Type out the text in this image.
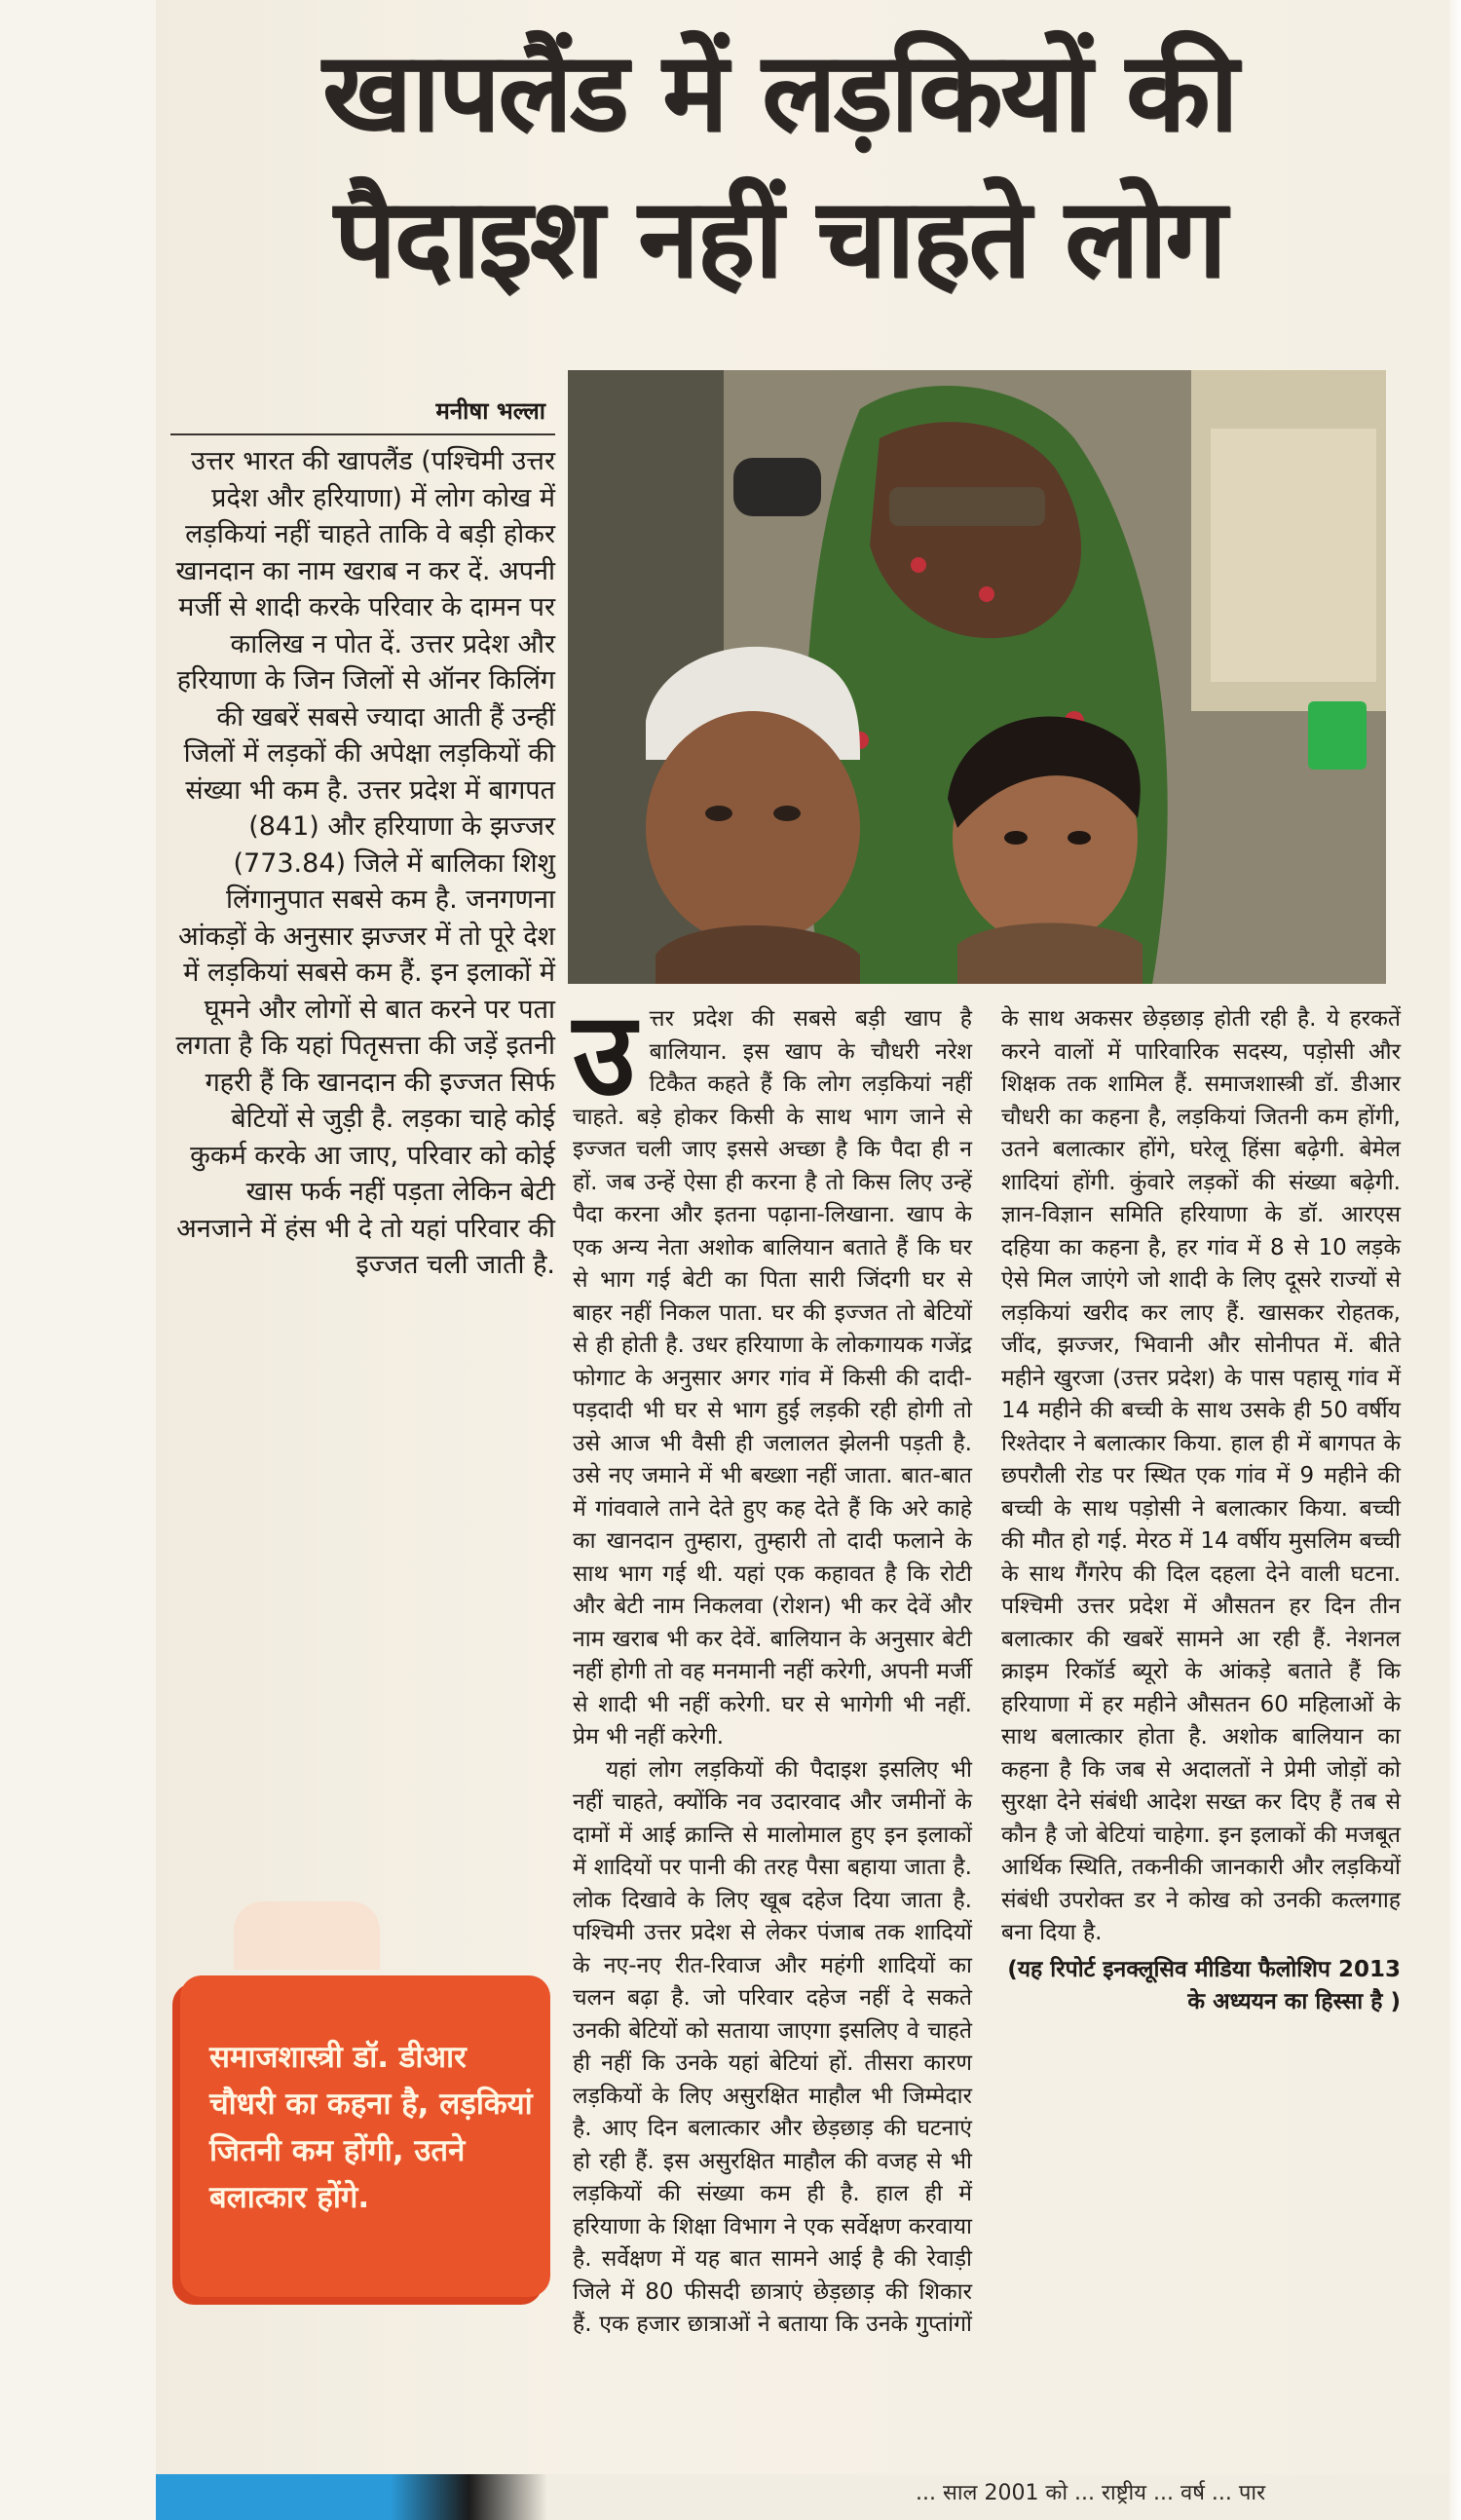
खापलैंड में लड़कियों की
पैदाइश नहीं चाहते लोग
मनीषा भल्ला

उत्तर भारत की खापलैंड (पश्चिमी उत्तर प्रदेश और हरियाणा) में लोग कोख में लड़कियां नहीं चाहते ताकि वे बड़ी होकर खानदान का नाम खराब न कर दें. अपनी मर्जी से शादी करके परिवार के दामन पर कालिख न पोत दें. उत्तर प्रदेश और हरियाणा के जिन जिलों से ऑनर किलिंग की खबरें सबसे ज्यादा आती हैं उन्हीं जिलों में लड़कों की अपेक्षा लड़कियों की संख्या भी कम है. उत्तर प्रदेश में बागपत (841) और हरियाणा के झज्जर (773.84) जिले में बालिका शिशु लिंगानुपात सबसे कम है. जनगणना आंकड़ों के अनुसार झज्जर में तो पूरे देश में लड़कियां सबसे कम हैं. इन इलाकों में घूमने और लोगों से बात करने पर पता लगता है कि यहां पितृसत्ता की जड़ें इतनी गहरी हैं कि खानदान की इज्जत सिर्फ बेटियों से जुड़ी है. लड़का चाहे कोई कुकर्म करके आ जाए, परिवार को कोई खास फर्क नहीं पड़ता लेकिन बेटी अनजाने में हंस भी दे तो यहां परिवार की इज्जत चली जाती है.

उत्तर प्रदेश की सबसे बड़ी खाप है बालियान. इस खाप के चौधरी नरेश टिकैत कहते हैं कि लोग लड़कियां नहीं चाहते. बड़े होकर किसी के साथ भाग जाने से इज्जत चली जाए इससे अच्छा है कि पैदा ही न हों. जब उन्हें ऐसा ही करना है तो किस लिए उन्हें पैदा करना और इतना पढ़ाना-लिखाना. खाप के एक अन्य नेता अशोक बालियान बताते हैं कि घर से भाग गई बेटी का पिता सारी जिंदगी घर से बाहर नहीं निकल पाता. घर की इज्जत तो बेटियों से ही होती है. उधर हरियाणा के लोकगायक गजेंद्र फोगाट के अनुसार अगर गांव में किसी की दादी-पड़दादी भी घर से भाग हुई लड़की रही होगी तो उसे आज भी वैसी ही जलालत झेलनी पड़ती है. उसे नए जमाने में भी बख्शा नहीं जाता. बात-बात में गांववाले ताने देते हुए कह देते हैं कि अरे काहे का खानदान तुम्हारा, तुम्हारी तो दादी फलाने के साथ भाग गई थी. यहां एक कहावत है कि रोटी और बेटी नाम निकलवा (रोशन) भी कर देवें और नाम खराब भी कर देवें. बालियान के अनुसार बेटी नहीं होगी तो वह मनमानी नहीं करेगी, अपनी मर्जी से शादी भी नहीं करेगी. घर से भागेगी भी नहीं. प्रेम भी नहीं करेगी.

यहां लोग लड़कियों की पैदाइश इसलिए भी नहीं चाहते, क्योंकि नव उदारवाद और जमीनों के दामों में आई क्रान्ति से मालोमाल हुए इन इलाकों में शादियों पर पानी की तरह पैसा बहाया जाता है. लोक दिखावे के लिए खूब दहेज दिया जाता है. पश्चिमी उत्तर प्रदेश से लेकर पंजाब तक शादियों के नए-नए रीत-रिवाज और महंगी शादियों का चलन बढ़ा है. जो परिवार दहेज नहीं दे सकते उनकी बेटियों को सताया जाएगा इसलिए वे चाहते ही नहीं कि उनके यहां बेटियां हों. तीसरा कारण लड़कियों के लिए असुरक्षित माहौल भी जिम्मेदार है. आए दिन बलात्कार और छेड़छाड़ की घटनाएं हो रही हैं. इस असुरक्षित माहौल की वजह से भी लड़कियों की संख्या कम ही है. हाल ही में हरियाणा के शिक्षा विभाग ने एक सर्वेक्षण करवाया है. सर्वेक्षण में यह बात सामने आई है की रेवाड़ी जिले में 80 फीसदी छात्राएं छेड़छाड़ की शिकार हैं. एक हजार छात्राओं ने बताया कि उनके गुप्तांगों के साथ अकसर छेड़छाड़ होती रही है. ये हरकतें करने वालों में पारिवारिक सदस्य, पड़ोसी और शिक्षक तक शामिल हैं. समाजशास्त्री डॉ. डीआर चौधरी का कहना है, लड़कियां जितनी कम होंगी, उतने बलात्कार होंगे, घरेलू हिंसा बढ़ेगी. बेमेल शादियां होंगी. कुंवारे लड़कों की संख्या बढ़ेगी. ज्ञान-विज्ञान समिति हरियाणा के डॉ. आरएस दहिया का कहना है, हर गांव में 8 से 10 लड़के ऐसे मिल जाएंगे जो शादी के लिए दूसरे राज्यों से लड़कियां खरीद कर लाए हैं. खासकर रोहतक, जींद, झज्जर, भिवानी और सोनीपत में. बीते महीने खुरजा (उत्तर प्रदेश) के पास पहासू गांव में 14 महीने की बच्ची के साथ उसके ही 50 वर्षीय रिश्तेदार ने बलात्कार किया. हाल ही में बागपत के छपरौली रोड पर स्थित एक गांव में 9 महीने की बच्ची के साथ पड़ोसी ने बलात्कार किया. बच्ची की मौत हो गई. मेरठ में 14 वर्षीय मुसलिम बच्ची के साथ गैंगरेप की दिल दहला देने वाली घटना. पश्चिमी उत्तर प्रदेश में औसतन हर दिन तीन बलात्कार की खबरें सामने आ रही हैं. नेशनल क्राइम रिकॉर्ड ब्यूरो के आंकड़े बताते हैं कि हरियाणा में हर महीने औसतन 60 महिलाओं के साथ बलात्कार होता है. अशोक बालियान का कहना है कि जब से अदालतों ने प्रेमी जोड़ों को सुरक्षा देने संबंधी आदेश सख्त कर दिए हैं तब से कौन है जो बेटियां चाहेगा. इन इलाकों की मजबूत आर्थिक स्थिति, तकनीकी जानकारी और लड़कियों संबंधी उपरोक्त डर ने कोख को उनकी कत्लगाह बना दिया है.

(यह रिपोर्ट इनक्लूसिव मीडिया फैलोशिप 2013 के अध्ययन का हिस्सा है )

समाजशास्त्री डॉ. डीआर चौधरी का कहना है, लड़कियां जितनी कम होंगी, उतने बलात्कार होंगे.
... साल 2001 को ... राष्ट्रीय ... वर्ष ... पार
